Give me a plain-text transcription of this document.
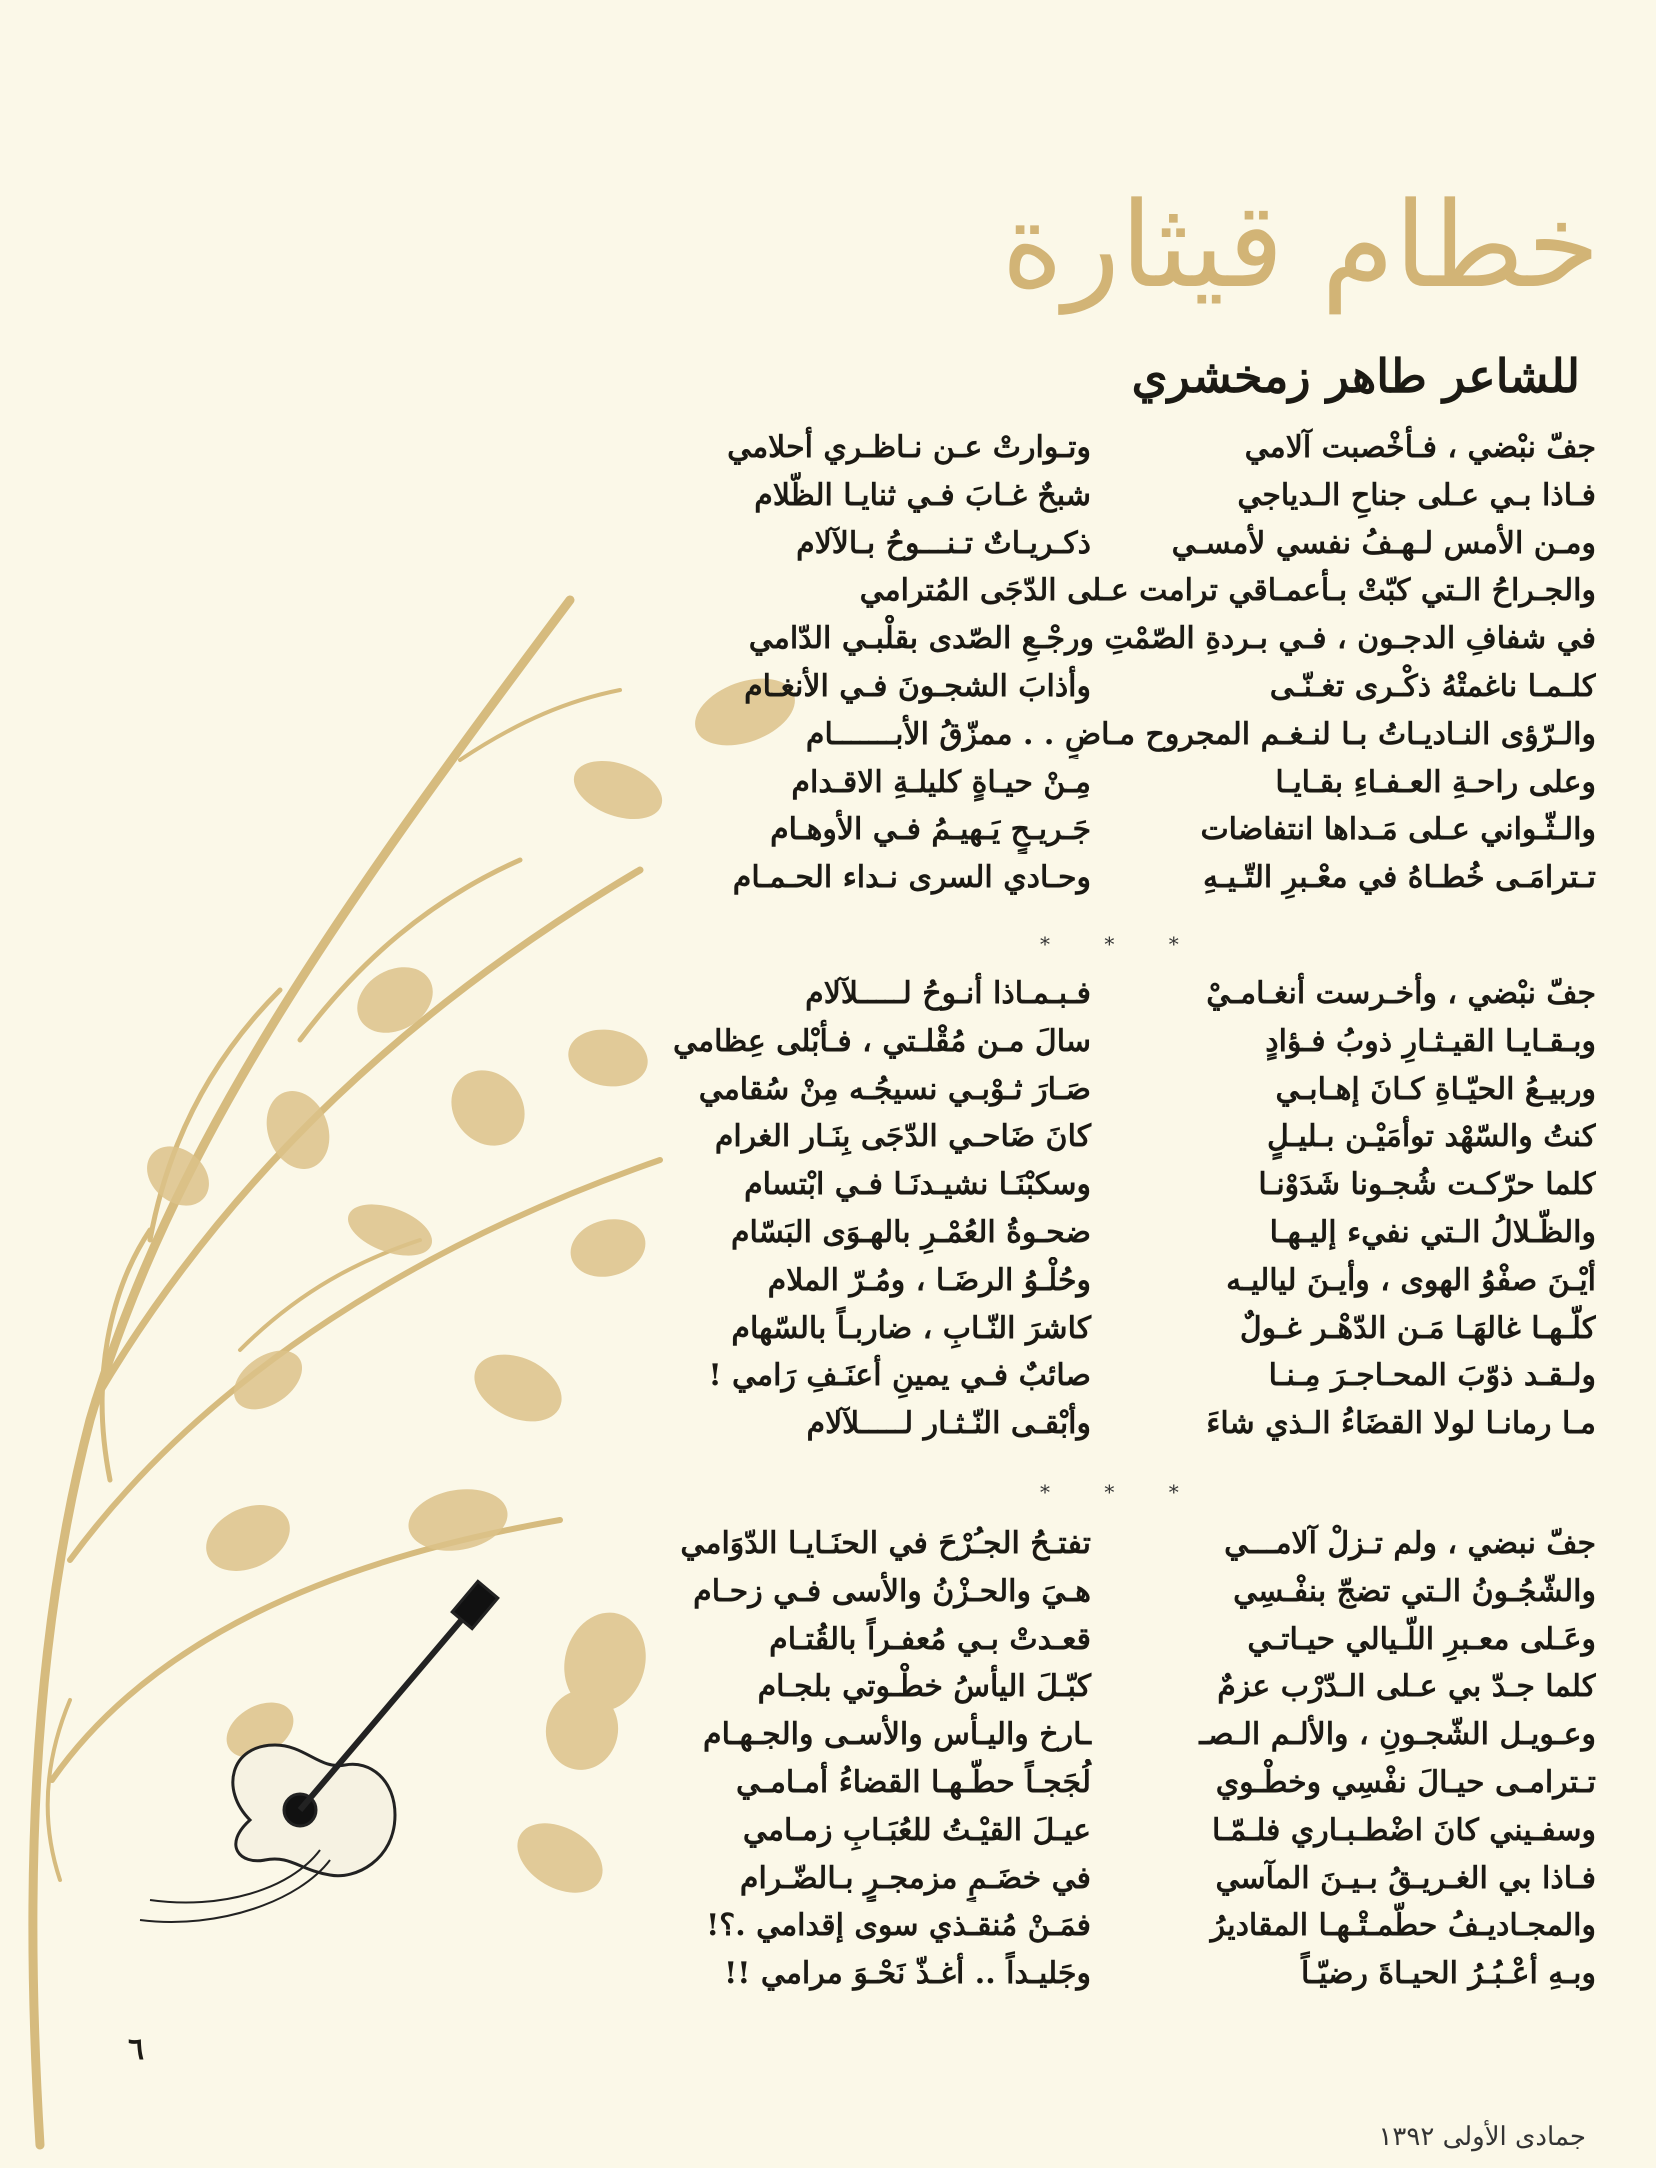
خطام قيثارة
للشاعر طاهر زمخشري
جفّ نبْضي ، فـأخْصبت آلامي
وتـوارتْ عـن نـاظـري أحلامي
فـاذا بـي عـلى جناحِ الـدياجي
شبحٌ غـابَ فـي ثنايـا الظّلام
ومـن الأمس لـهـفُ نفسي لأمسـي
ذكـريـاتٌ تـنـــوحُ بـالآلام
والجـراحُ الـتي كبّتْ بـأعمـاقي ترامت عـلى الدّجَى المُترامي
في شفافِ الدجـون ، فـي بـردةِ الصّمْتِ ورجْـعِ الصّدى بقلْبـي الدّامي
كلـمـا ناغمتْهُ ذكْـرى تغـنّـى
وأذابَ الشجـونَ فـي الأنغـام
والـرّؤى النـاديـاتُ بـا لنـغـم المجروح مـاضٍ . . ممزّقُ الأبـــــــام
وعلى راحـةِ العـفـاءِ بقـايـا
مِـنْ حيـاةٍ كليلـةِ الاقـدام
والـثّـواني عـلى مَـداها انتفاضات
جَـريـحٍ يَـهيـمُ فـي الأوهـام
تـترامَـى خُطـاهُ في معْـبرِ التّـيـهِ
وحـادي السرى نـداء الحـمـام
* * *
جفّ نبْضي ، وأخـرست أنغـامـيْ
فـبـمـاذا أنـوحُ لـــــلآلام
وبـقـايـا القيـثـارِ ذوبُ فـؤادٍ
سالَ مـن مُقْلـتي ، فـأبْلى عِظامي
وربيـعُ الحيّـاةِ كـانَ إهـابـي
صَـارَ ثـوْبـي نسيجُـه مِنْ سُقامي
كنتُ والسّهْد توأمَيْـن بـليـلٍ
كانَ ضَاحـي الدّجَى بِنَـار الغرام
كلما حرّكـت شُجـونا شَدَوْنـا
وسكبْنَـا نشيـدنَـا فـي ابْتسام
والظّـلالُ الـتي نفيء إليـهـا
ضحـوةُ العُمْـرِ بالهـوَى البَسّام
أيْـنَ صفْوُ الهوى ، وأيـنَ لياليـه
وحُلْـوُ الرضَـا ، ومُـرّ الملام
كلّـهـا غالهَـا مَـن الدّهْـر غـولٌ
كاشرَ النّـابِ ، ضاربـاً بالسّهام
ولـقـد ذوّبَ المحـاجـرَ مِـنـا
صائبٌ فـي يمينِ أعنَـفِ رَامي !
مـا رمانـا لولا القضَاءُ الـذي شاءَ
وأبْقـى النّـثـار لـــــلآلام
* * *
جفّ نبضي ، ولم تـزلْ آلامـــي
تفتـحُ الجـُرْحَ في الحنَـايـا الدّوَامي
والشّجُـونُ الـتي تضجّ بنفْـسِي
هـيَ والحـزْنُ والأسى فـي زحـام
وعَـلى معـبرِ اللّـيالي حيـاتـي
قعـدتْ بـي مُعفـراً بالقُتـام
كلما جـدّ بي عـلى الـدّرْب عزمٌ
كبّـلَ اليأسُ خطْـوتي بلجـام
وعـويـل الشّجـونِ ، والألـم الـصـ
ـارخ واليـأس والأسـى والجـهـام
تـترامـى حيـالَ نفْسِي وخطْـوي
لُجَجـاً حطّـهـا القضاءُ أمـامـي
وسفـيني كانَ اضْطـبـاري فلـمّـا
عيـلَ القيْـتُ للعُبَـابِ زمـامي
فـاذا بي الغـريـقُ بـيـنَ المآسي
في خضَـمٍ مزمجـرٍ بـالضّـرام
والمجـاديـفُ حطّمـتْـهـا المقاديرُ
فمَـنْ مُنقـذي سوى إقدامي .؟!
وبـهِ أعْـبُـرُ الحيـاةَ رضيّـاً
وجَليـداً .. أغـذّ نَحْـوَ مرامي !!
٦
جمادى الأولى ١٣٩٢
